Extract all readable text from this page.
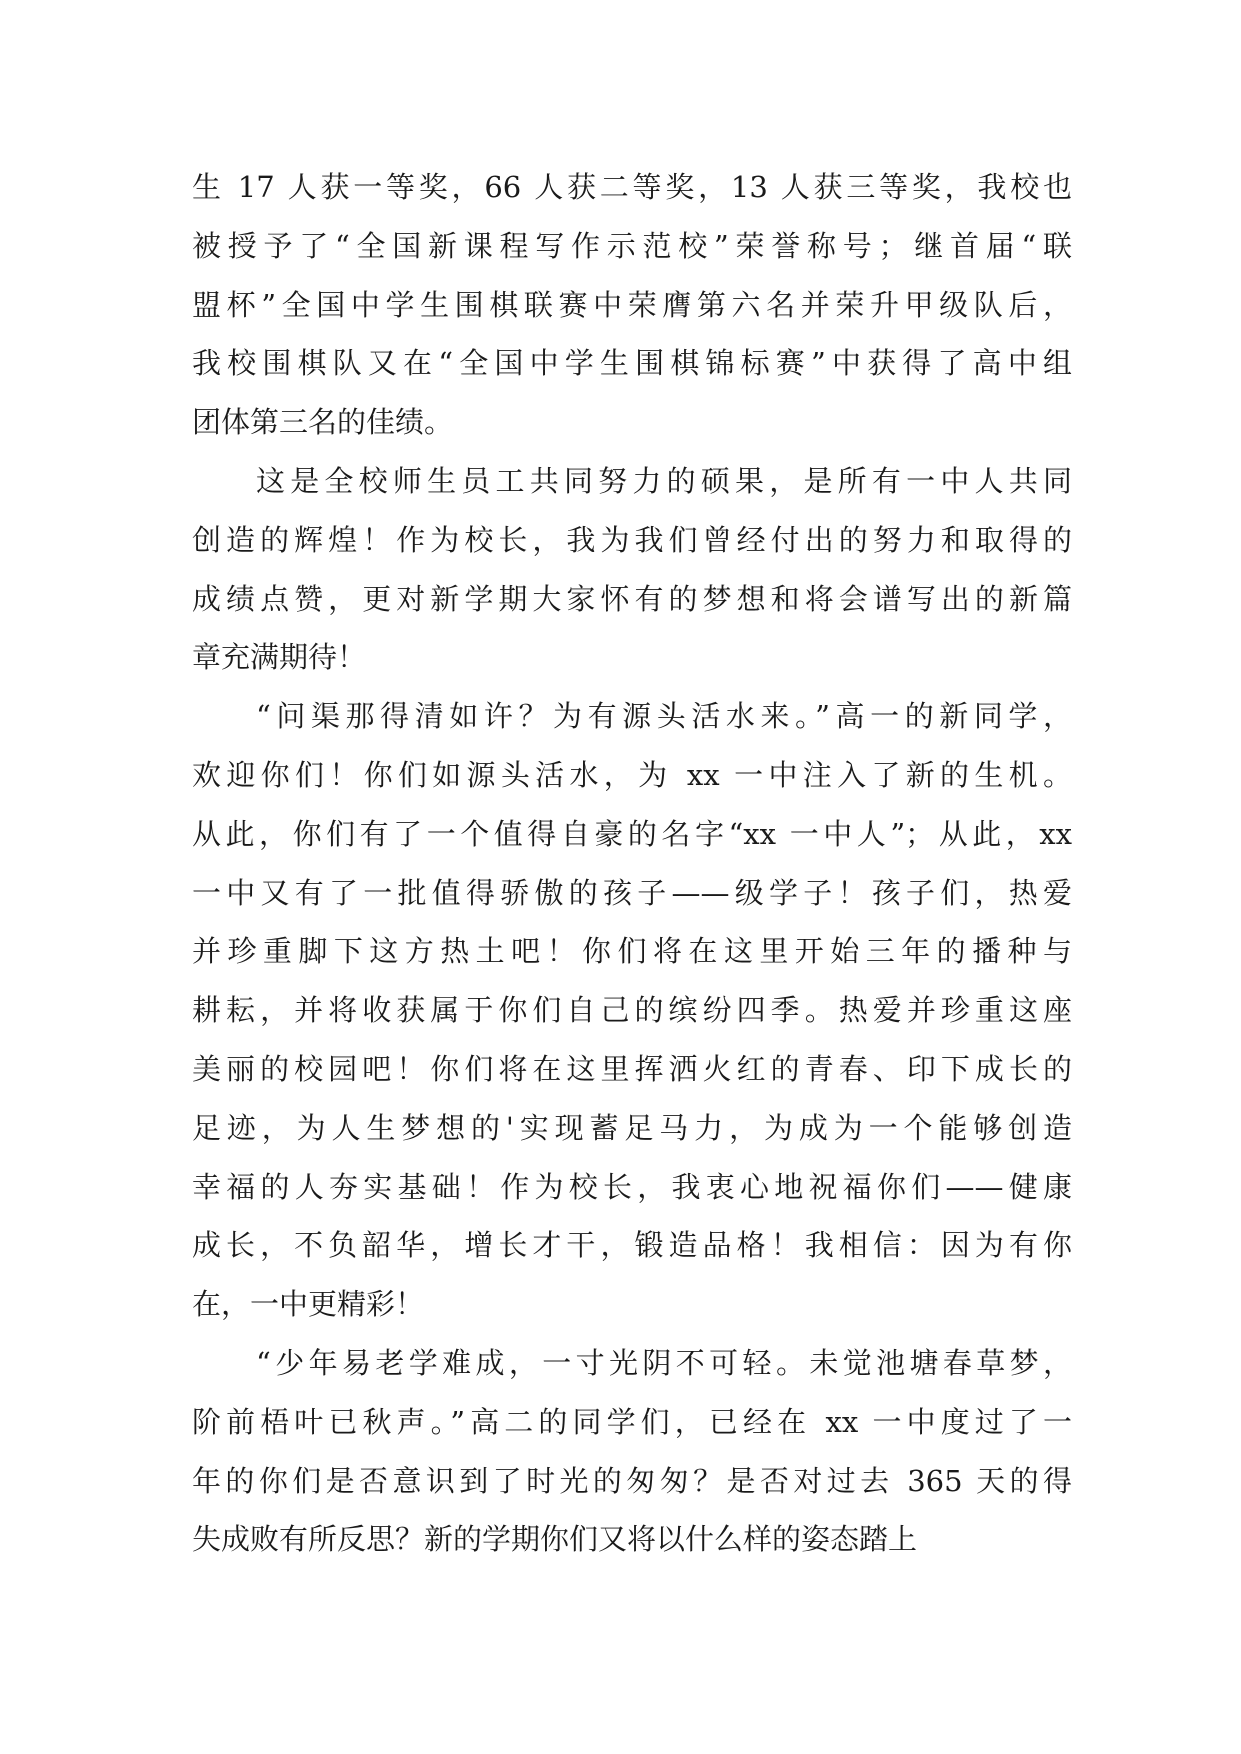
生 17 人获一等奖，66 人获二等奖，13 人获三等奖，我校也
被授予了“全国新课程写作示范校”荣誉称号；继首届“联
盟杯”全国中学生围棋联赛中荣膺第六名并荣升甲级队后，
我校围棋队又在“全国中学生围棋锦标赛”中获得了高中组
团体第三名的佳绩。
这是全校师生员工共同努力的硕果，是所有一中人共同
创造的辉煌！作为校长，我为我们曾经付出的努力和取得的
成绩点赞，更对新学期大家怀有的梦想和将会谱写出的新篇
章充满期待！
“问渠那得清如许？为有源头活水来。”高一的新同学，
欢迎你们！你们如源头活水，为 xx 一中注入了新的生机。
从此，你们有了一个值得自豪的名字“xx 一中人”；从此，xx
一中又有了一批值得骄傲的孩子——级学子！孩子们，热爱
并珍重脚下这方热土吧！你们将在这里开始三年的播种与
耕耘，并将收获属于你们自己的缤纷四季。热爱并珍重这座
美丽的校园吧！你们将在这里挥洒火红的青春、印下成长的
足迹，为人生梦想的'实现蓄足马力，为成为一个能够创造
幸福的人夯实基础！作为校长，我衷心地祝福你们——健康
成长，不负韶华，增长才干，锻造品格！我相信：因为有你
在，一中更精彩！
“少年易老学难成，一寸光阴不可轻。未觉池塘春草梦，
阶前梧叶已秋声。”高二的同学们，已经在 xx 一中度过了一
年的你们是否意识到了时光的匆匆？是否对过去 365 天的得
失成败有所反思？新的学期你们又将以什么样的姿态踏上
